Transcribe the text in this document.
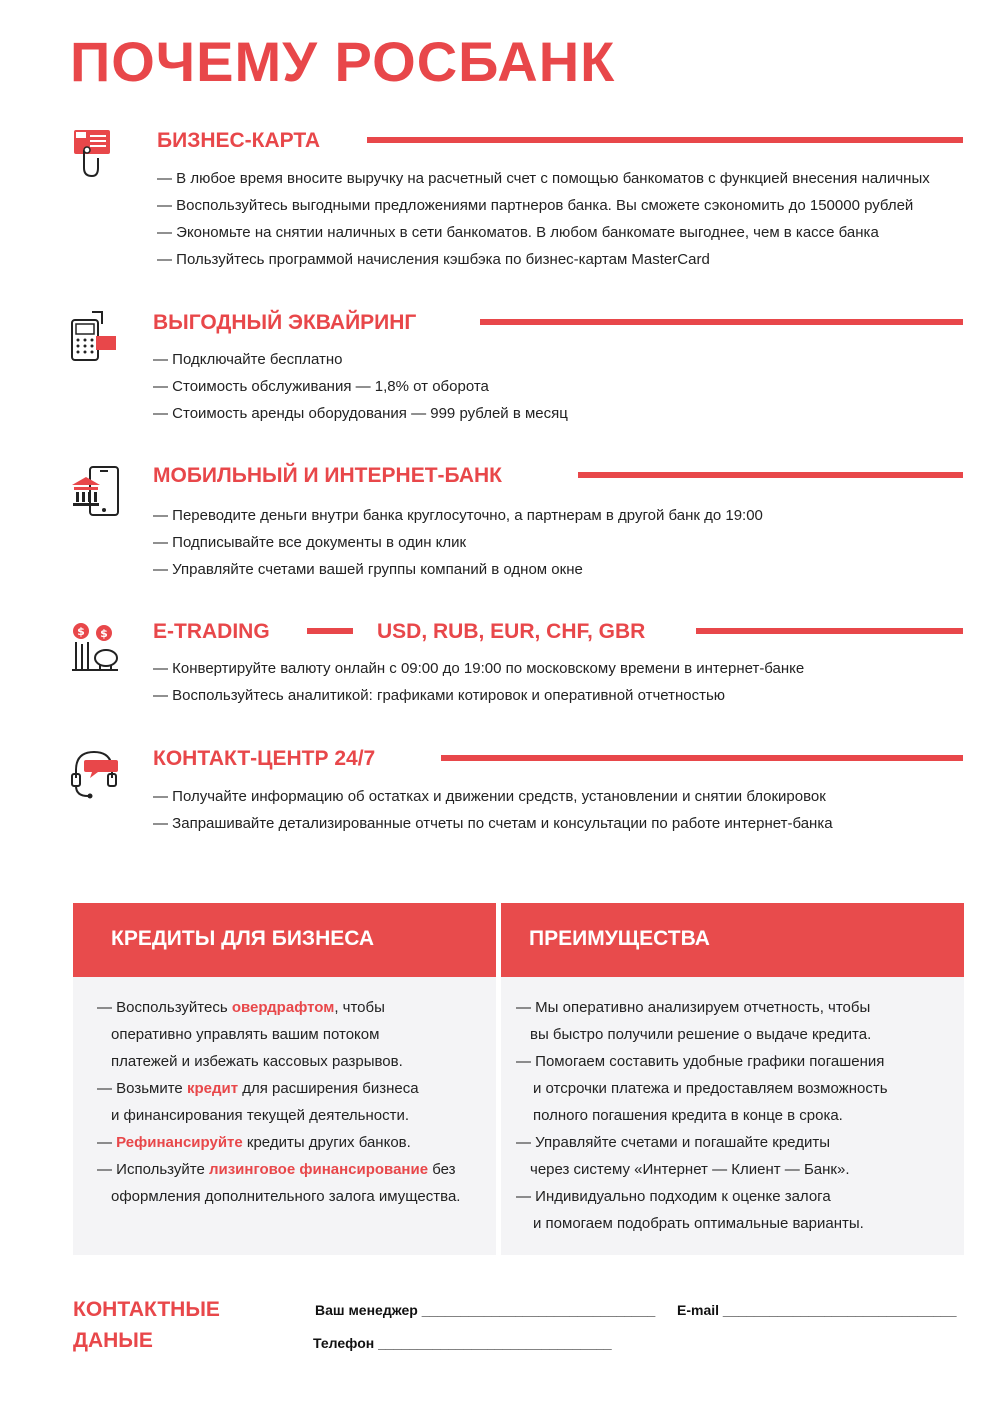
ПОЧЕМУ РОСБАНК
БИЗНЕС-КАРТА
— В любое время вносите выручку на расчетный счет с помощью банкоматов с функцией внесения наличных
— Воспользуйтесь выгодными предложениями партнеров банка. Вы сможете сэкономить до 150000 рублей
— Экономьте на снятии наличных в сети банкоматов. В любом банкомате выгоднее, чем в кассе банка
— Пользуйтесь программой начисления кэшбэка по бизнес-картам MasterCard
ВЫГОДНЫЙ ЭКВАЙРИНГ
— Подключайте бесплатно
— Стоимость обслуживания — 1,8% от оборота
— Стоимость аренды оборудования — 999 рублей в месяц
МОБИЛЬНЫЙ И ИНТЕРНЕТ-БАНК
— Переводите деньги внутри банка круглосуточно, а партнерам в другой банк до 19:00
— Подписывайте все документы в один клик
— Управляйте счетами вашей группы компаний в одном окне
$ $ E-TRADING	USD, RUB, EUR, CHF, GBR
— Конвертируйте валюту онлайн с 09:00 до 19:00 по московскому времени в интернет-банке
— Воспользуйтесь аналитикой: графиками котировок и оперативной отчетностью
КОНТАКТ-ЦЕНТР 24/7
— Получайте информацию об остатках и движении средств, установлении и снятии блокировок
— Запрашивайте детализированные отчеты по счетам и консультации по работе интернет-банка
КРЕДИТЫ ДЛЯ БИЗНЕСА
— Воспользуйтесь овердрафтом, чтобы
оперативно управлять вашим потоком
платежей и избежать кассовых разрывов.
— Возьмите кредит для расширения бизнеса
и финансирования текущей деятельности.
— Рефинансируйте кредиты других банков.
— Используйте лизинговое финансирование без
оформления дополнительного залога имущества.
ПРЕИМУЩЕСТВА
— Мы оперативно анализируем отчетность, чтобы
вы быстро получили решение о выдаче кредита.
— Помогаем составить удобные графики погашения
и отсрочки платежа и предоставляем возможность
полного погашения кредита в конце в срока.
— Управляйте счетами и погашайте кредиты
через систему «Интернет — Клиент — Банк».
— Индивидуально подходим к оценке залога
и помогаем подобрать оптимальные варианты.
КОНТАКТНЫЕ
ДАНЫЕ
Ваш менеджер ______________________________ E-mail ______________________________
Телефон ______________________________
